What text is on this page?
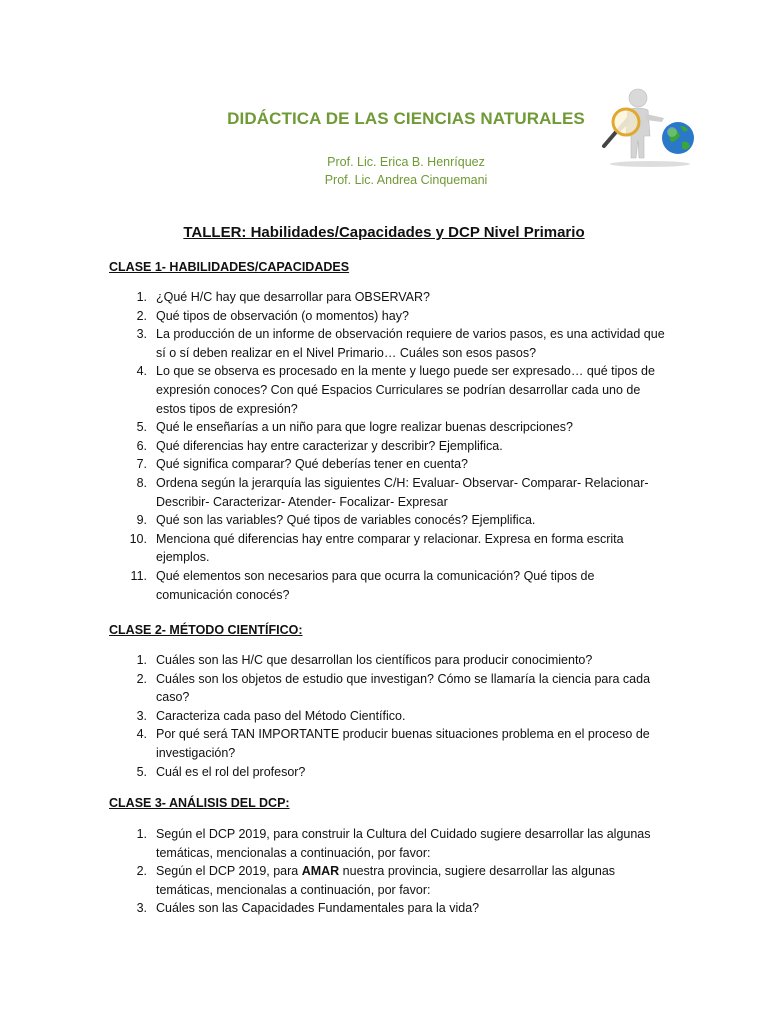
DIDÁCTICA DE LAS CIENCIAS NATURALES
Prof. Lic. Erica B. Henríquez
Prof. Lic. Andrea Cinquemani
TALLER: Habilidades/Capacidades y DCP Nivel Primario
CLASE 1- HABILIDADES/CAPACIDADES
1. ¿Qué H/C hay que desarrollar para OBSERVAR?
2. Qué tipos de observación (o momentos) hay?
3. La producción de un informe de observación requiere de varios pasos, es una actividad que sí o sí deben realizar en el Nivel Primario… Cuáles son esos pasos?
4. Lo que se observa es procesado en la mente y luego puede ser expresado… qué tipos de expresión conoces? Con qué Espacios Curriculares se podrían desarrollar cada uno de estos tipos de expresión?
5. Qué le enseñarías a un niño para que logre realizar buenas descripciones?
6. Qué diferencias hay entre caracterizar y describir? Ejemplifica.
7. Qué significa comparar? Qué deberías tener en cuenta?
8. Ordena según la jerarquía las siguientes C/H: Evaluar- Observar- Comparar- Relacionar- Describir- Caracterizar- Atender- Focalizar- Expresar
9. Qué son las variables? Qué tipos de variables conocés? Ejemplifica.
10. Menciona qué diferencias hay entre comparar y relacionar. Expresa en forma escrita ejemplos.
11. Qué elementos son necesarios para que ocurra la comunicación? Qué tipos de comunicación conocés?
CLASE 2- MÉTODO CIENTÍFICO:
1. Cuáles son las H/C que desarrollan los científicos para producir conocimiento?
2. Cuáles son los objetos de estudio que investigan? Cómo se llamaría la ciencia para cada caso?
3. Caracteriza cada paso del Método Científico.
4. Por qué será TAN IMPORTANTE producir buenas situaciones problema en el proceso de investigación?
5. Cuál es el rol del profesor?
CLASE 3- ANÁLISIS DEL DCP:
1. Según el DCP 2019, para construir la Cultura del Cuidado sugiere desarrollar las algunas temáticas, mencionalas a continuación, por favor:
2. Según el DCP 2019, para AMAR nuestra provincia, sugiere desarrollar las algunas temáticas, mencionalas a continuación, por favor:
3. Cuáles son las Capacidades Fundamentales para la vida?
